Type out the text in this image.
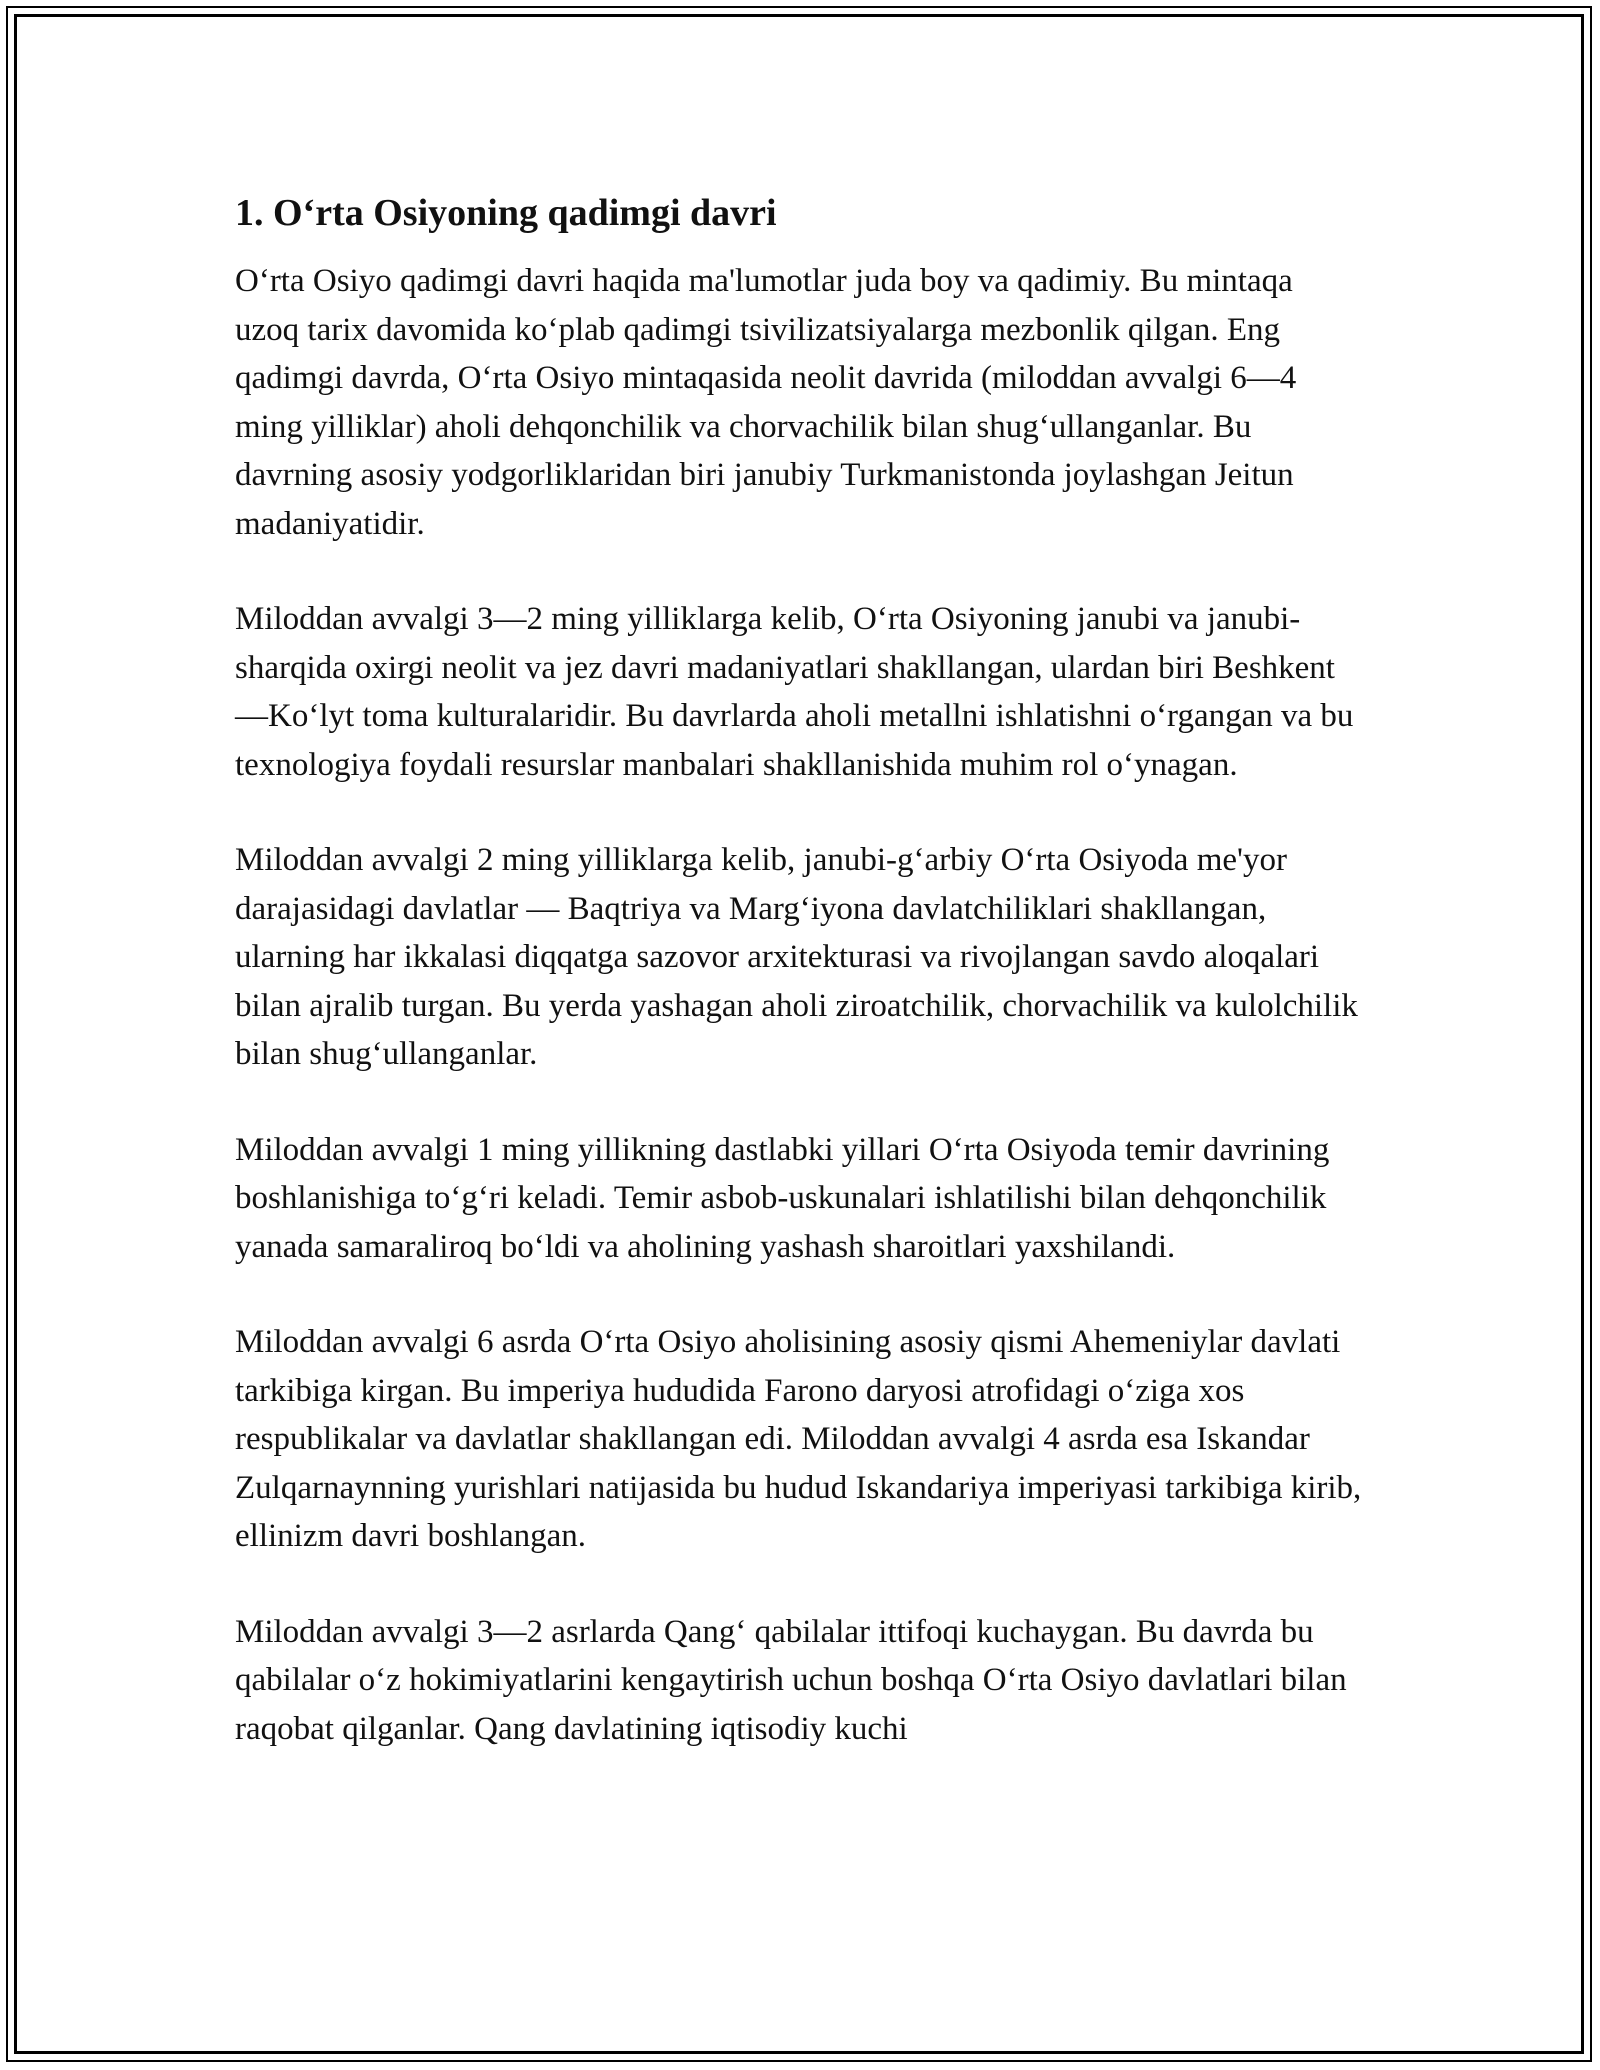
1. O‘rta Osiyoning qadimgi davri

O‘rta Osiyo qadimgi davri haqida ma'lumotlar juda boy va qadimiy. Bu mintaqa uzoq tarix davomida ko‘plab qadimgi tsivilizatsiyalarga mezbonlik qilgan. Eng qadimgi davrda, O‘rta Osiyo mintaqasida neolit davrida (miloddan avvalgi 6—4 ming yilliklar) aholi dehqonchilik va chorvachilik bilan shug‘ullanganlar. Bu davrning asosiy yodgorliklaridan biri janubiy Turkmanistonda joylashgan Jeitun madaniyatidir.

Miloddan avvalgi 3—2 ming yilliklarga kelib, O‘rta Osiyoning janubi va janubi-sharqida oxirgi neolit va jez davri madaniyatlari shakllangan, ulardan biri Beshkent—Ko‘lyt toma kulturalaridir. Bu davrlarda aholi metallni ishlatishni o‘rgangan va bu texnologiya foydali resurslar manbalari shakllanishida muhim rol o‘ynagan.

Miloddan avvalgi 2 ming yilliklarga kelib, janubi-g‘arbiy O‘rta Osiyoda me'yor darajasidagi davlatlar — Baqtriya va Marg‘iyona davlatchiliklari shakllangan, ularning har ikkalasi diqqatga sazovor arxitekturasi va rivojlangan savdo aloqalari bilan ajralib turgan. Bu yerda yashagan aholi ziroatchilik, chorvachilik va kulolchilik bilan shug‘ullanganlar.

Miloddan avvalgi 1 ming yillikning dastlabki yillari O‘rta Osiyoda temir davrining boshlanishiga to‘g‘ri keladi. Temir asbob-uskunalari ishlatilishi bilan dehqonchilik yanada samaraliroq bo‘ldi va aholining yashash sharoitlari yaxshilandi.

Miloddan avvalgi 6 asrda O‘rta Osiyo aholisining asosiy qismi Ahemeniylar davlati tarkibiga kirgan. Bu imperiya hududida Farono daryosi atrofidagi o‘ziga xos respublikalar va davlatlar shakllangan edi. Miloddan avvalgi 4 asrda esa Iskandar Zulqarnaynning yurishlari natijasida bu hudud Iskandariya imperiyasi tarkibiga kirib, ellinizm davri boshlangan.

Miloddan avvalgi 3—2 asrlarda Qang‘ qabilalar ittifoqi kuchaygan. Bu davrda bu qabilalar o‘z hokimiyatlarini kengaytirish uchun boshqa O‘rta Osiyo davlatlari bilan raqobat qilganlar. Qang davlatining iqtisodiy kuchi
